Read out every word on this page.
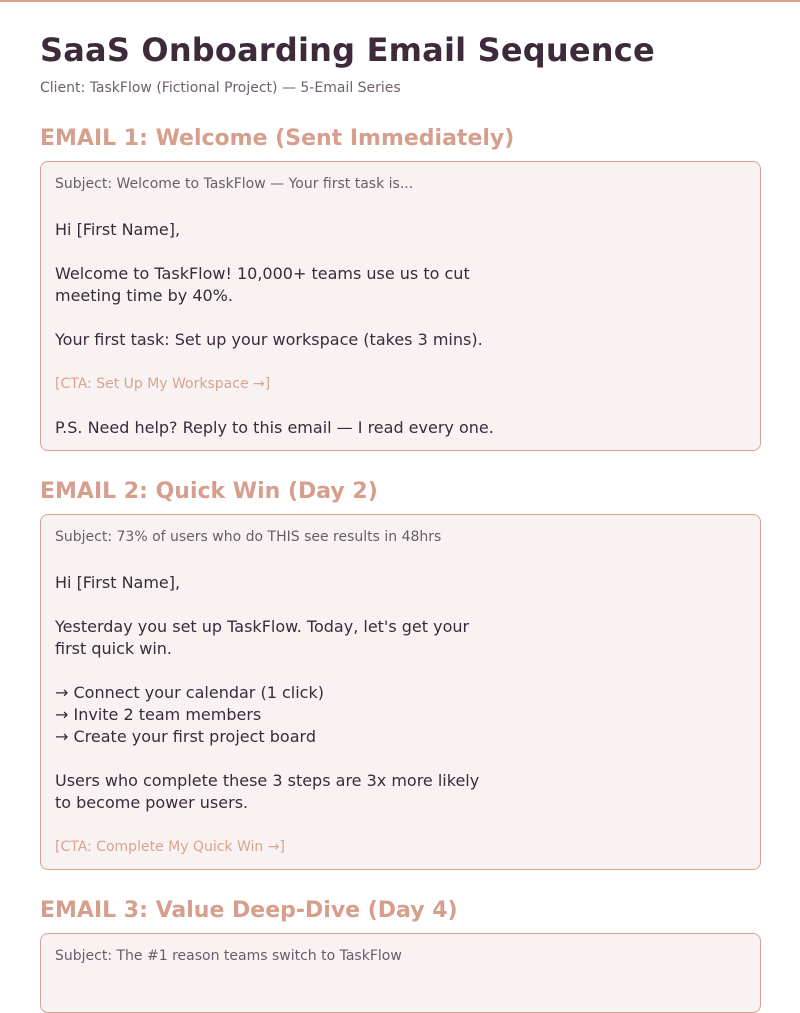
SaaS Onboarding Email Sequence
Client: TaskFlow (Fictional Project) — 5-Email Series
EMAIL 1: Welcome (Sent Immediately)
Subject: Welcome to TaskFlow — Your first task is...

Hi [First Name],

Welcome to TaskFlow! 10,000+ teams use us to cut
meeting time by 40%.

Your first task: Set up your workspace (takes 3 mins).

[CTA: Set Up My Workspace →]

P.S. Need help? Reply to this email — I read every one.

EMAIL 2: Quick Win (Day 2)
Subject: 73% of users who do THIS see results in 48hrs

Hi [First Name],

Yesterday you set up TaskFlow. Today, let's get your
first quick win.

→ Connect your calendar (1 click)
→ Invite 2 team members
→ Create your first project board

Users who complete these 3 steps are 3x more likely
to become power users.

[CTA: Complete My Quick Win →]

EMAIL 3: Value Deep-Dive (Day 4)
Subject: The #1 reason teams switch to TaskFlow
